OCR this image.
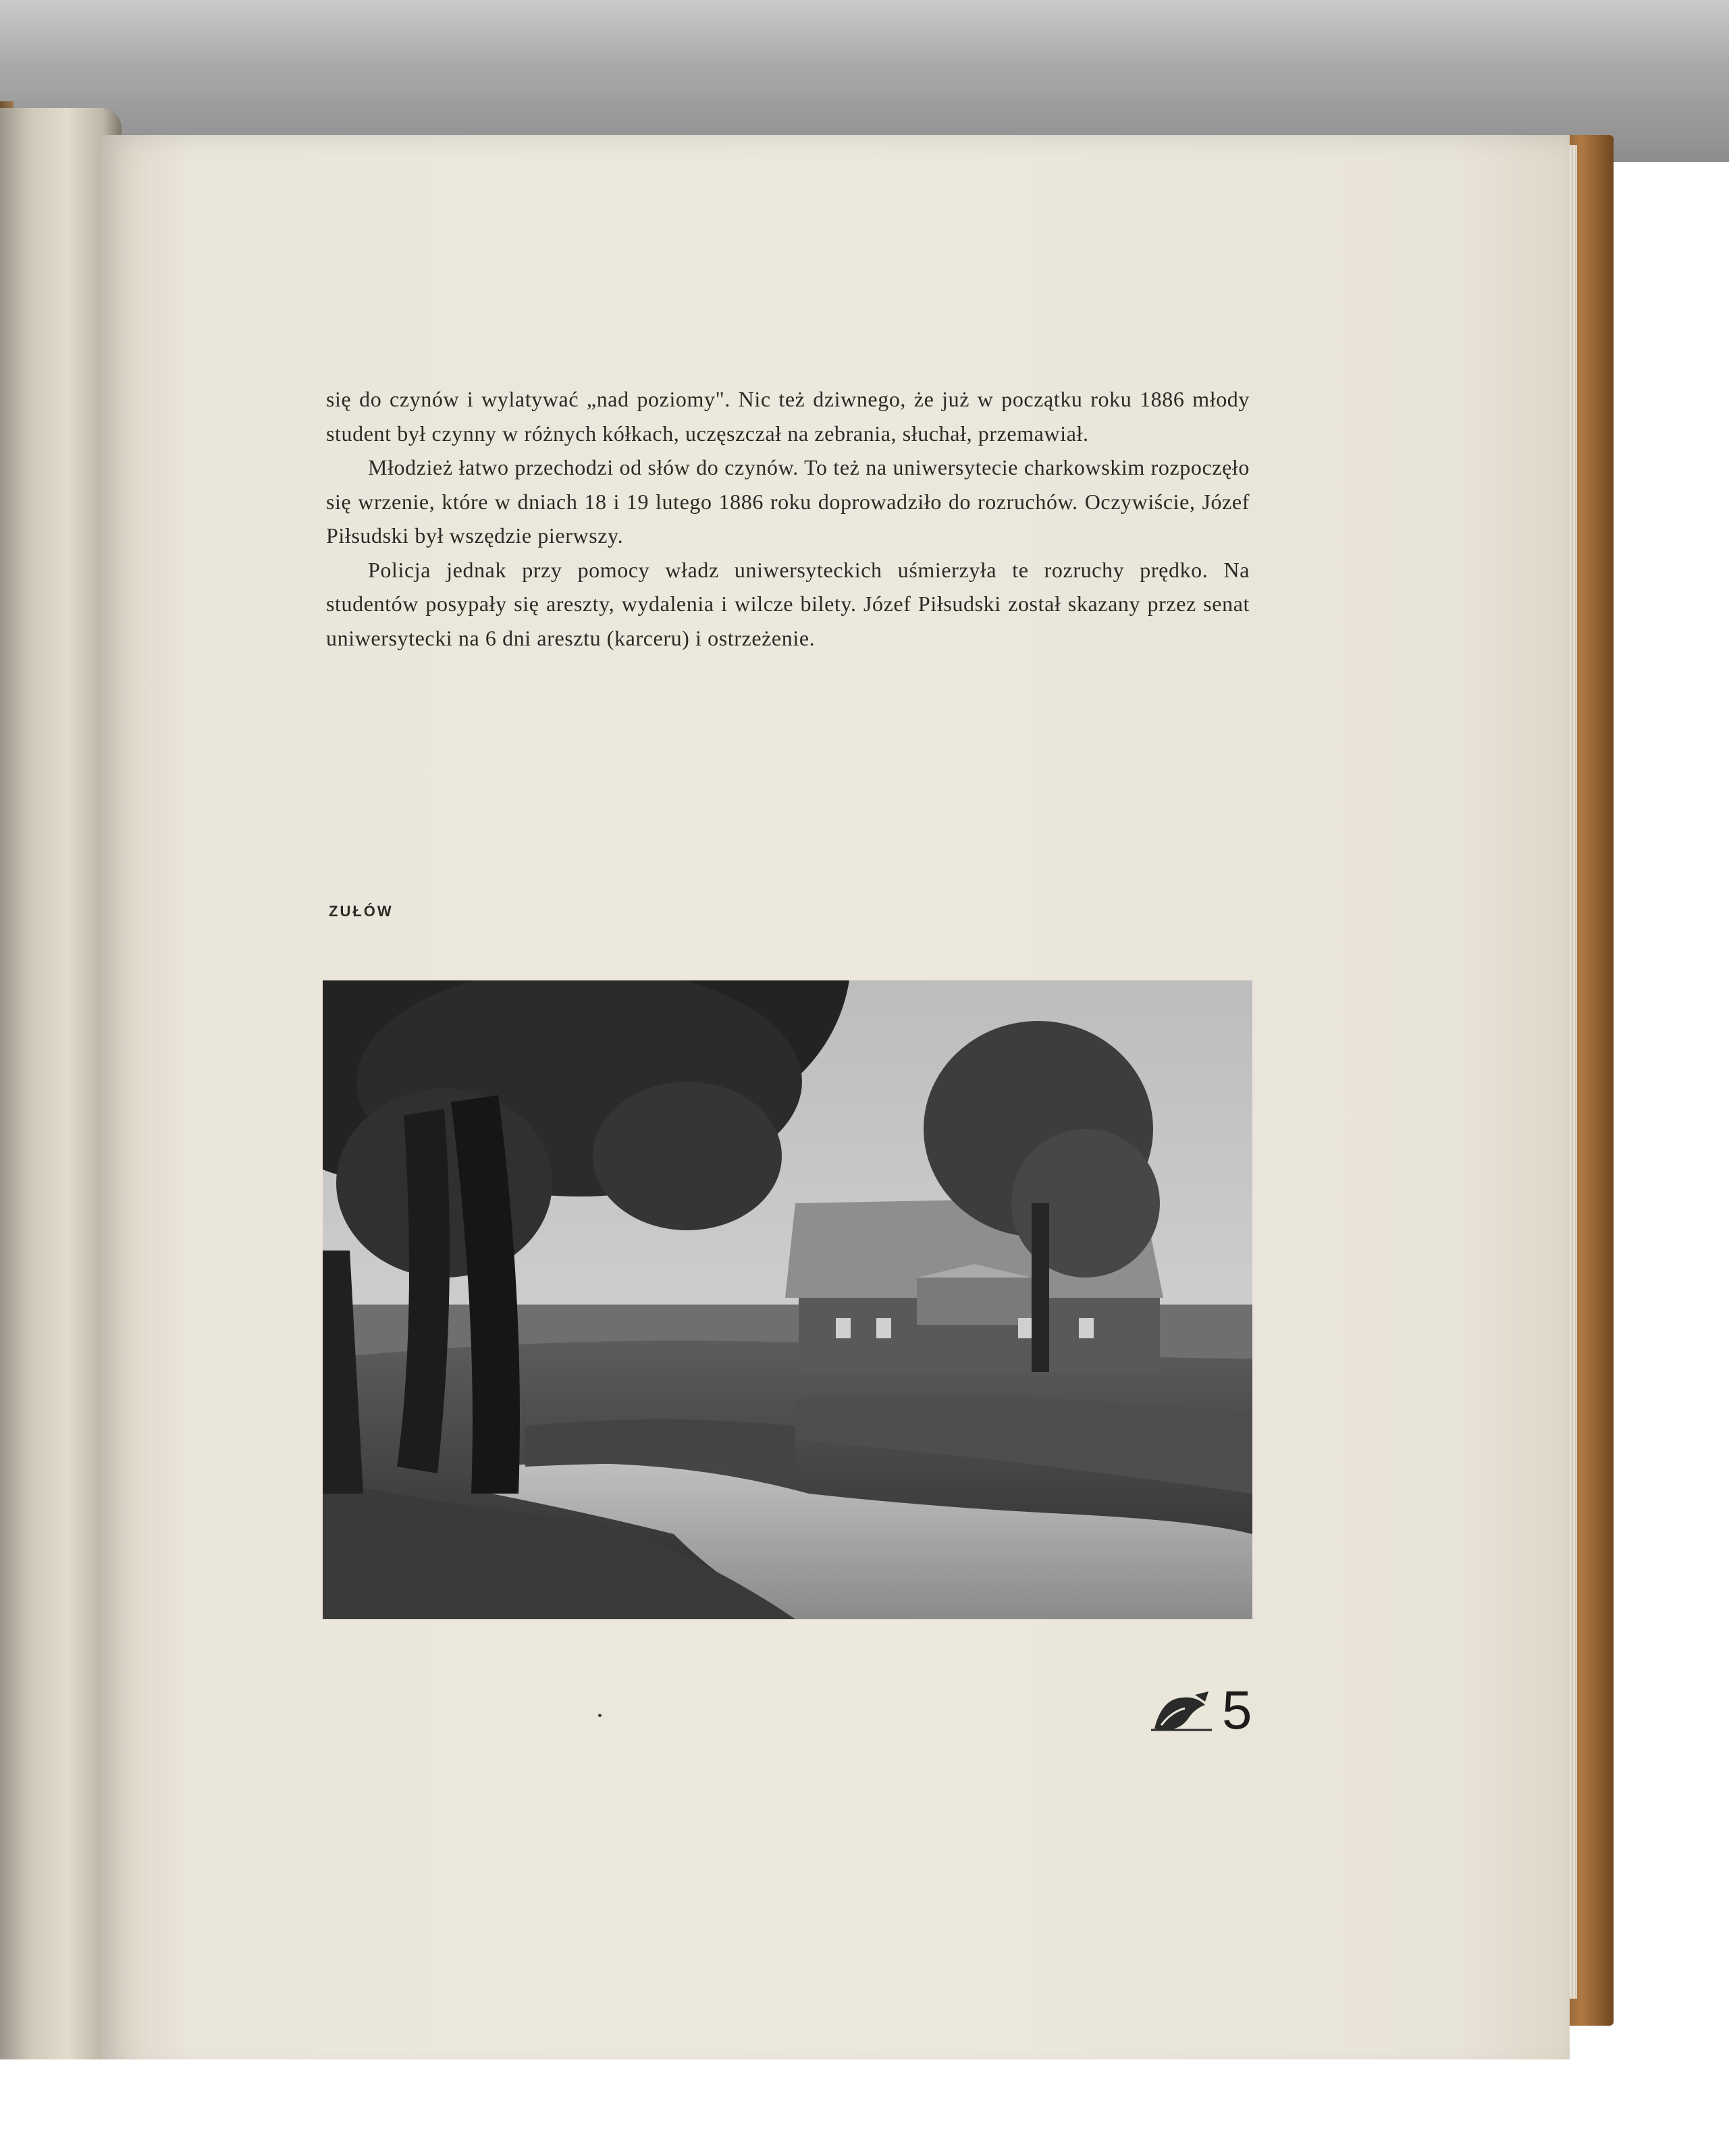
się do czynów i wylatywać „nad poziomy". Nic też dziwnego, że już w początku roku 1886 młody student był czynny w różnych kółkach, uczęszczał na zebrania, słuchał, przemawiał.

Młodzież łatwo przechodzi od słów do czynów. To też na uniwersytecie charkowskim rozpoczęło się wrzenie, które w dniach 18 i 19 lutego 1886 roku doprowadziło do rozruchów. Oczywiście, Józef Piłsudski był wszędzie pierwszy.

Policja jednak przy pomocy władz uniwersyteckich uśmierzyła te rozruchy prędko. Na studentów posypały się areszty, wydalenia i wilcze bilety. Józef Piłsudski został skazany przez senat uniwersytecki na 6 dni aresztu (karceru) i ostrzeżenie.

ZUŁÓW
5
